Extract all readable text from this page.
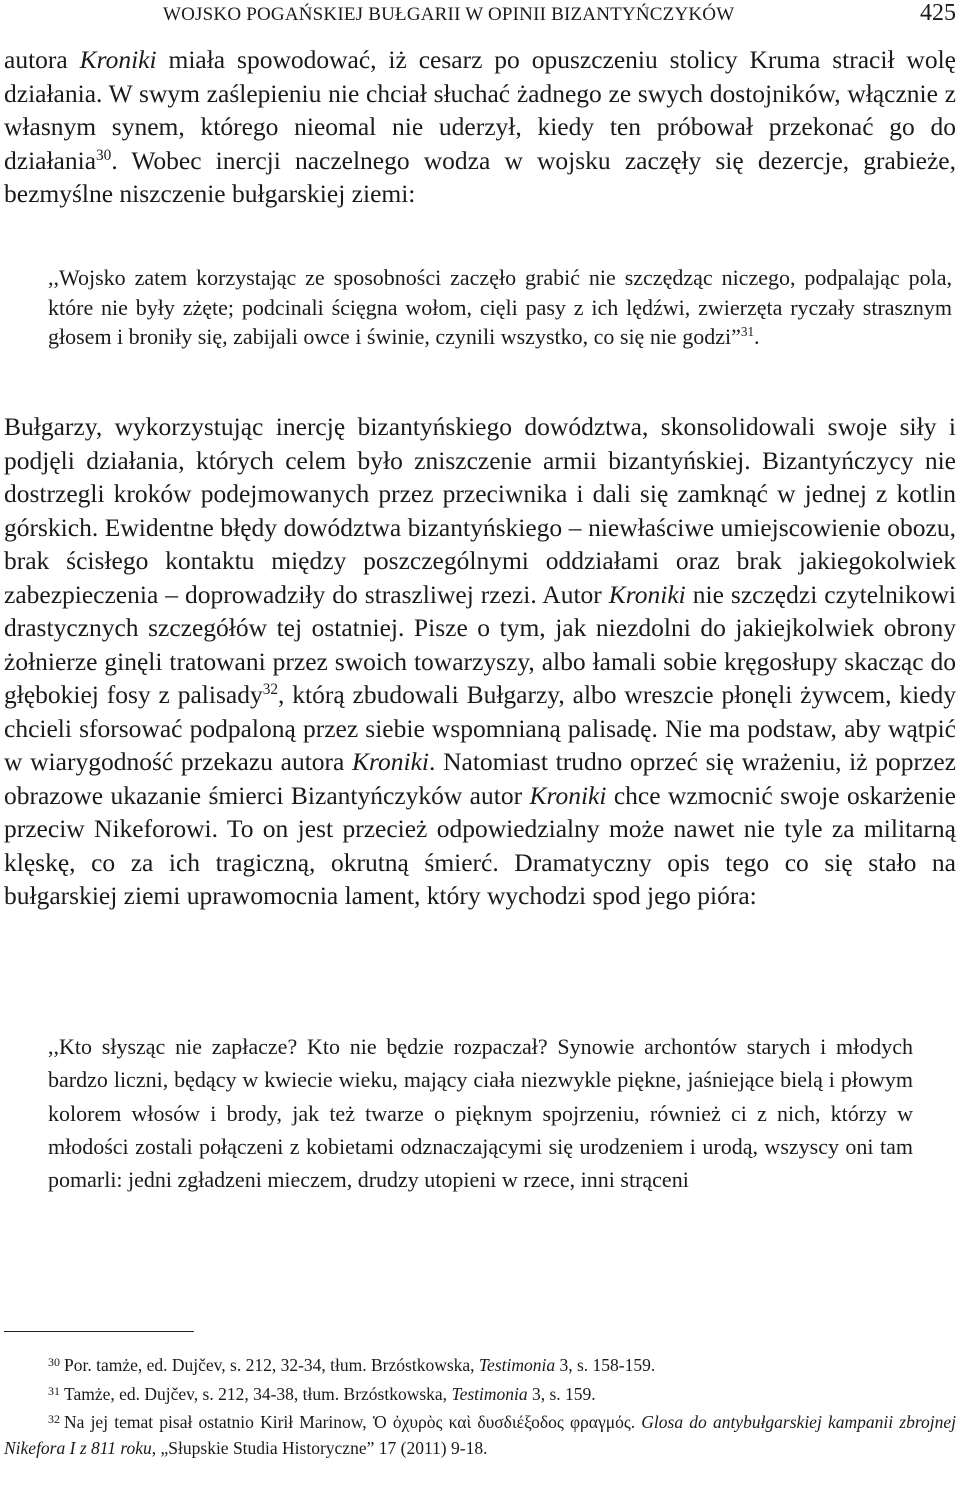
WOJSKO POGAŃSKIEJ BUŁGARII W OPINII BIZANTYŃCZYKÓW	425

autora Kroniki miała spowodować, iż cesarz po opuszczeniu stolicy Kruma stracił wolę działania. W swym zaślepieniu nie chciał słuchać żadnego ze swych dostojników, włącznie z własnym synem, którego nieomal nie uderzył, kiedy ten próbował przekonać go do działania$^{30}$. Wobec inercji naczelnego wodza w wojsku zaczęły się dezercje, grabieże, bezmyślne niszczenie bułgarskiej ziemi:

,,Wojsko zatem korzystając ze sposobności zaczęło grabić nie szczędząc niczego, podpalając pola, które nie były zżęte; podcinali ścięgna wołom, cięli pasy z ich lędźwi, zwierzęta ryczały strasznym głosem i broniły się, zabijali owce i świnie, czynili wszystko, co się nie godzi”$^{31}$.

Bułgarzy, wykorzystując inercję bizantyńskiego dowództwa, skonsolidowali swoje siły i podjęli działania, których celem było zniszczenie armii bizantyńskiej. Bizantyńczycy nie dostrzegli kroków podejmowanych przez przeciwnika i dali się zamknąć w jednej z kotlin górskich. Ewidentne błędy dowództwa bizantyńskiego – niewłaściwe umiejscowienie obozu, brak ścisłego kontaktu między poszczególnymi oddziałami oraz brak jakiegokolwiek zabezpieczenia – doprowadziły do straszliwej rzezi. Autor Kroniki nie szczędzi czytelnikowi drastycznych szczegółów tej ostatniej. Pisze o tym, jak niezdolni do jakiejkolwiek obrony żołnierze ginęli tratowani przez swoich towarzyszy, albo łamali sobie kręgosłupy skacząc do głębokiej fosy z palisady$^{32}$, którą zbudowali Bułgarzy, albo wreszcie płonęli żywcem, kiedy chcieli sforsować podpaloną przez siebie wspomnianą palisadę. Nie ma podstaw, aby wątpić w wiarygodność przekazu autora Kroniki. Natomiast trudno oprzeć się wrażeniu, iż poprzez obrazowe ukazanie śmierci Bizantyńczyków autor Kroniki chce wzmocnić swoje oskarżenie przeciw Nikeforowi. To on jest przecież odpowiedzialny może nawet nie tyle za militarną klęskę, co za ich tragiczną, okrutną śmierć. Dramatyczny opis tego co się stało na bułgarskiej ziemi uprawomocnia lament, który wychodzi spod jego pióra:

,,Kto słysząc nie zapłacze? Kto nie będzie rozpaczał? Synowie archontów starych i młodych bardzo liczni, będący w kwiecie wieku, mający ciała niezwykle piękne, jaśniejące bielą i płowym kolorem włosów i brody, jak też twarze o pięknym spojrzeniu, również ci z nich, którzy w młodości zostali połączeni z kobietami odznaczającymi się urodzeniem i urodą, wszyscy oni tam pomarli: jedni zgładzeni mieczem, drudzy utopieni w rzece, inni strąceni

$^{30}$ Por. tamże, ed. Dujčev, s. 212, 32-34, tłum. Brzóstkowska, Testimonia 3, s. 158-159.
$^{31}$ Tamże, ed. Dujčev, s. 212, 34-38, tłum. Brzóstkowska, Testimonia 3, s. 159.
$^{32}$ Na jej temat pisał ostatnio Kirił Marinow, Ὁ ὀχυρὸς καὶ δυσδιέξοδος φραγμός. Glosa do antybułgarskiej kampanii zbrojnej Nikefora I z 811 roku, „Słupskie Studia Historyczne” 17 (2011) 9-18.
